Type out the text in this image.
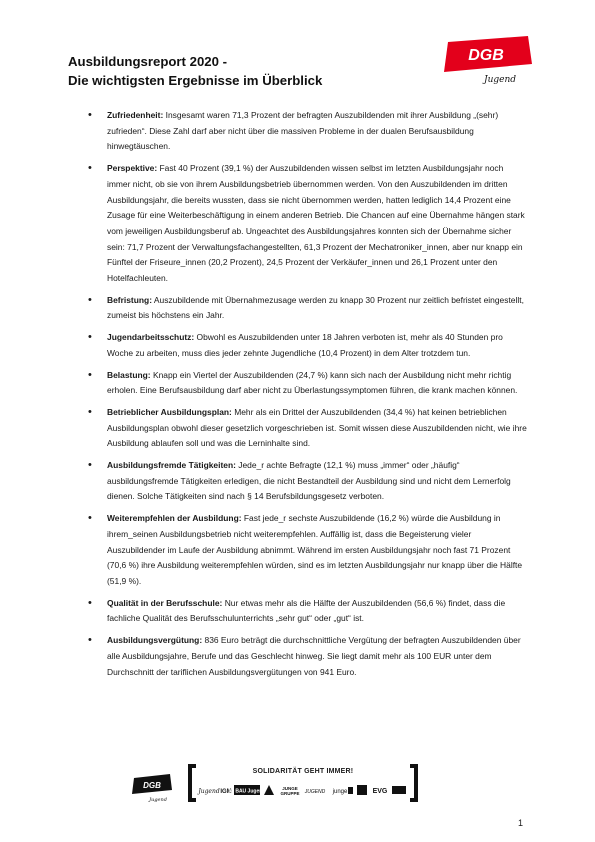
Ausbildungsreport 2020 -
Die wichtigsten Ergebnisse im Überblick
DGB
Jugend
• Zufriedenheit: Insgesamt waren 71,3 Prozent der befragten Auszubildenden mit ihrer Ausbildung „(sehr) zufrieden“. Diese Zahl darf aber nicht über die massiven Probleme in der dualen Berufsausbildung hinwegtäuschen.
• Perspektive: Fast 40 Prozent (39,1 %) der Auszubildenden wissen selbst im letzten Ausbildungsjahr noch immer nicht, ob sie von ihrem Ausbildungsbetrieb übernommen werden. Von den Auszubildenden im dritten Ausbildungsjahr, die bereits wussten, dass sie nicht übernommen werden, hatten lediglich 14,4 Prozent eine Zusage für eine Weiterbeschäftigung in einem anderen Betrieb. Die Chancen auf eine Übernahme hängen stark vom jeweiligen Ausbildungsberuf ab. Ungeachtet des Ausbildungsjahres konnten sich der Übernahme sicher sein: 71,7 Prozent der Verwaltungsfachangestellten, 61,3 Prozent der Mechatroniker_innen, aber nur knapp ein Fünftel der Friseure_innen (20,2 Prozent), 24,5 Prozent der Verkäufer_innen und 26,1 Prozent unter den Hotelfachleuten.
• Befristung: Auszubildende mit Übernahmezusage werden zu knapp 30 Prozent nur zeitlich befristet eingestellt, zumeist bis höchstens ein Jahr.
• Jugendarbeitsschutz: Obwohl es Auszubildenden unter 18 Jahren verboten ist, mehr als 40 Stunden pro Woche zu arbeiten, muss dies jeder zehnte Jugendliche (10,4 Prozent) in dem Alter trotzdem tun.
• Belastung: Knapp ein Viertel der Auszubildenden (24,7 %) kann sich nach der Ausbildung nicht mehr richtig erholen. Eine Berufsausbildung darf aber nicht zu Überlastungssymptomen führen, die krank machen können.
• Betrieblicher Ausbildungsplan: Mehr als ein Drittel der Auszubildenden (34,4 %) hat keinen betrieblichen Ausbildungsplan obwohl dieser gesetzlich vorgeschrieben ist. Somit wissen diese Auszubildenden nicht, wie ihre Ausbildung ablaufen soll und was die Lerninhalte sind.
• Ausbildungsfremde Tätigkeiten: Jede_r achte Befragte (12,1 %) muss „immer“ oder „häufig“ ausbildungsfremde Tätigkeiten erledigen, die nicht Bestandteil der Ausbildung sind und nicht dem Lernerfolg dienen. Solche Tätigkeiten sind nach § 14 Berufsbildungsgesetz verboten.
• Weiterempfehlen der Ausbildung: Fast jede_r sechste Auszubildende (16,2 %) würde die Ausbildung in ihrem_seinen Ausbildungsbetrieb nicht weiterempfehlen. Auffällig ist, dass die Begeisterung vieler Auszubildender im Laufe der Ausbildung abnimmt. Während im ersten Ausbildungsjahr noch fast 71 Prozent (70,6 %) ihre Ausbildung weiterempfehlen würden, sind es im letzten Ausbildungsjahr nur knapp über die Hälfte (51,9 %).
• Qualität in der Berufsschule: Nur etwas mehr als die Hälfte der Auszubildenden (56,6 %) findet, dass die fachliche Qualität des Berufsschulunterrichts „sehr gut“ oder „gut“ ist.
• Ausbildungsvergütung: 836 Euro beträgt die durchschnittliche Vergütung der befragten Auszubildenden über alle Ausbildungsjahre, Berufe und das Geschlecht hinweg. Sie liegt damit mehr als 100 EUR unter dem Durchschnitt der tariflichen Ausbildungsvergütungen von 941 Euro.
DGB
Jugend
SOLIDARITÄT GEHT IMMER!
Jugend IGM
IG BAU Jugend	JUNGE
GRUPPE JUGEND junge	EVG
1
